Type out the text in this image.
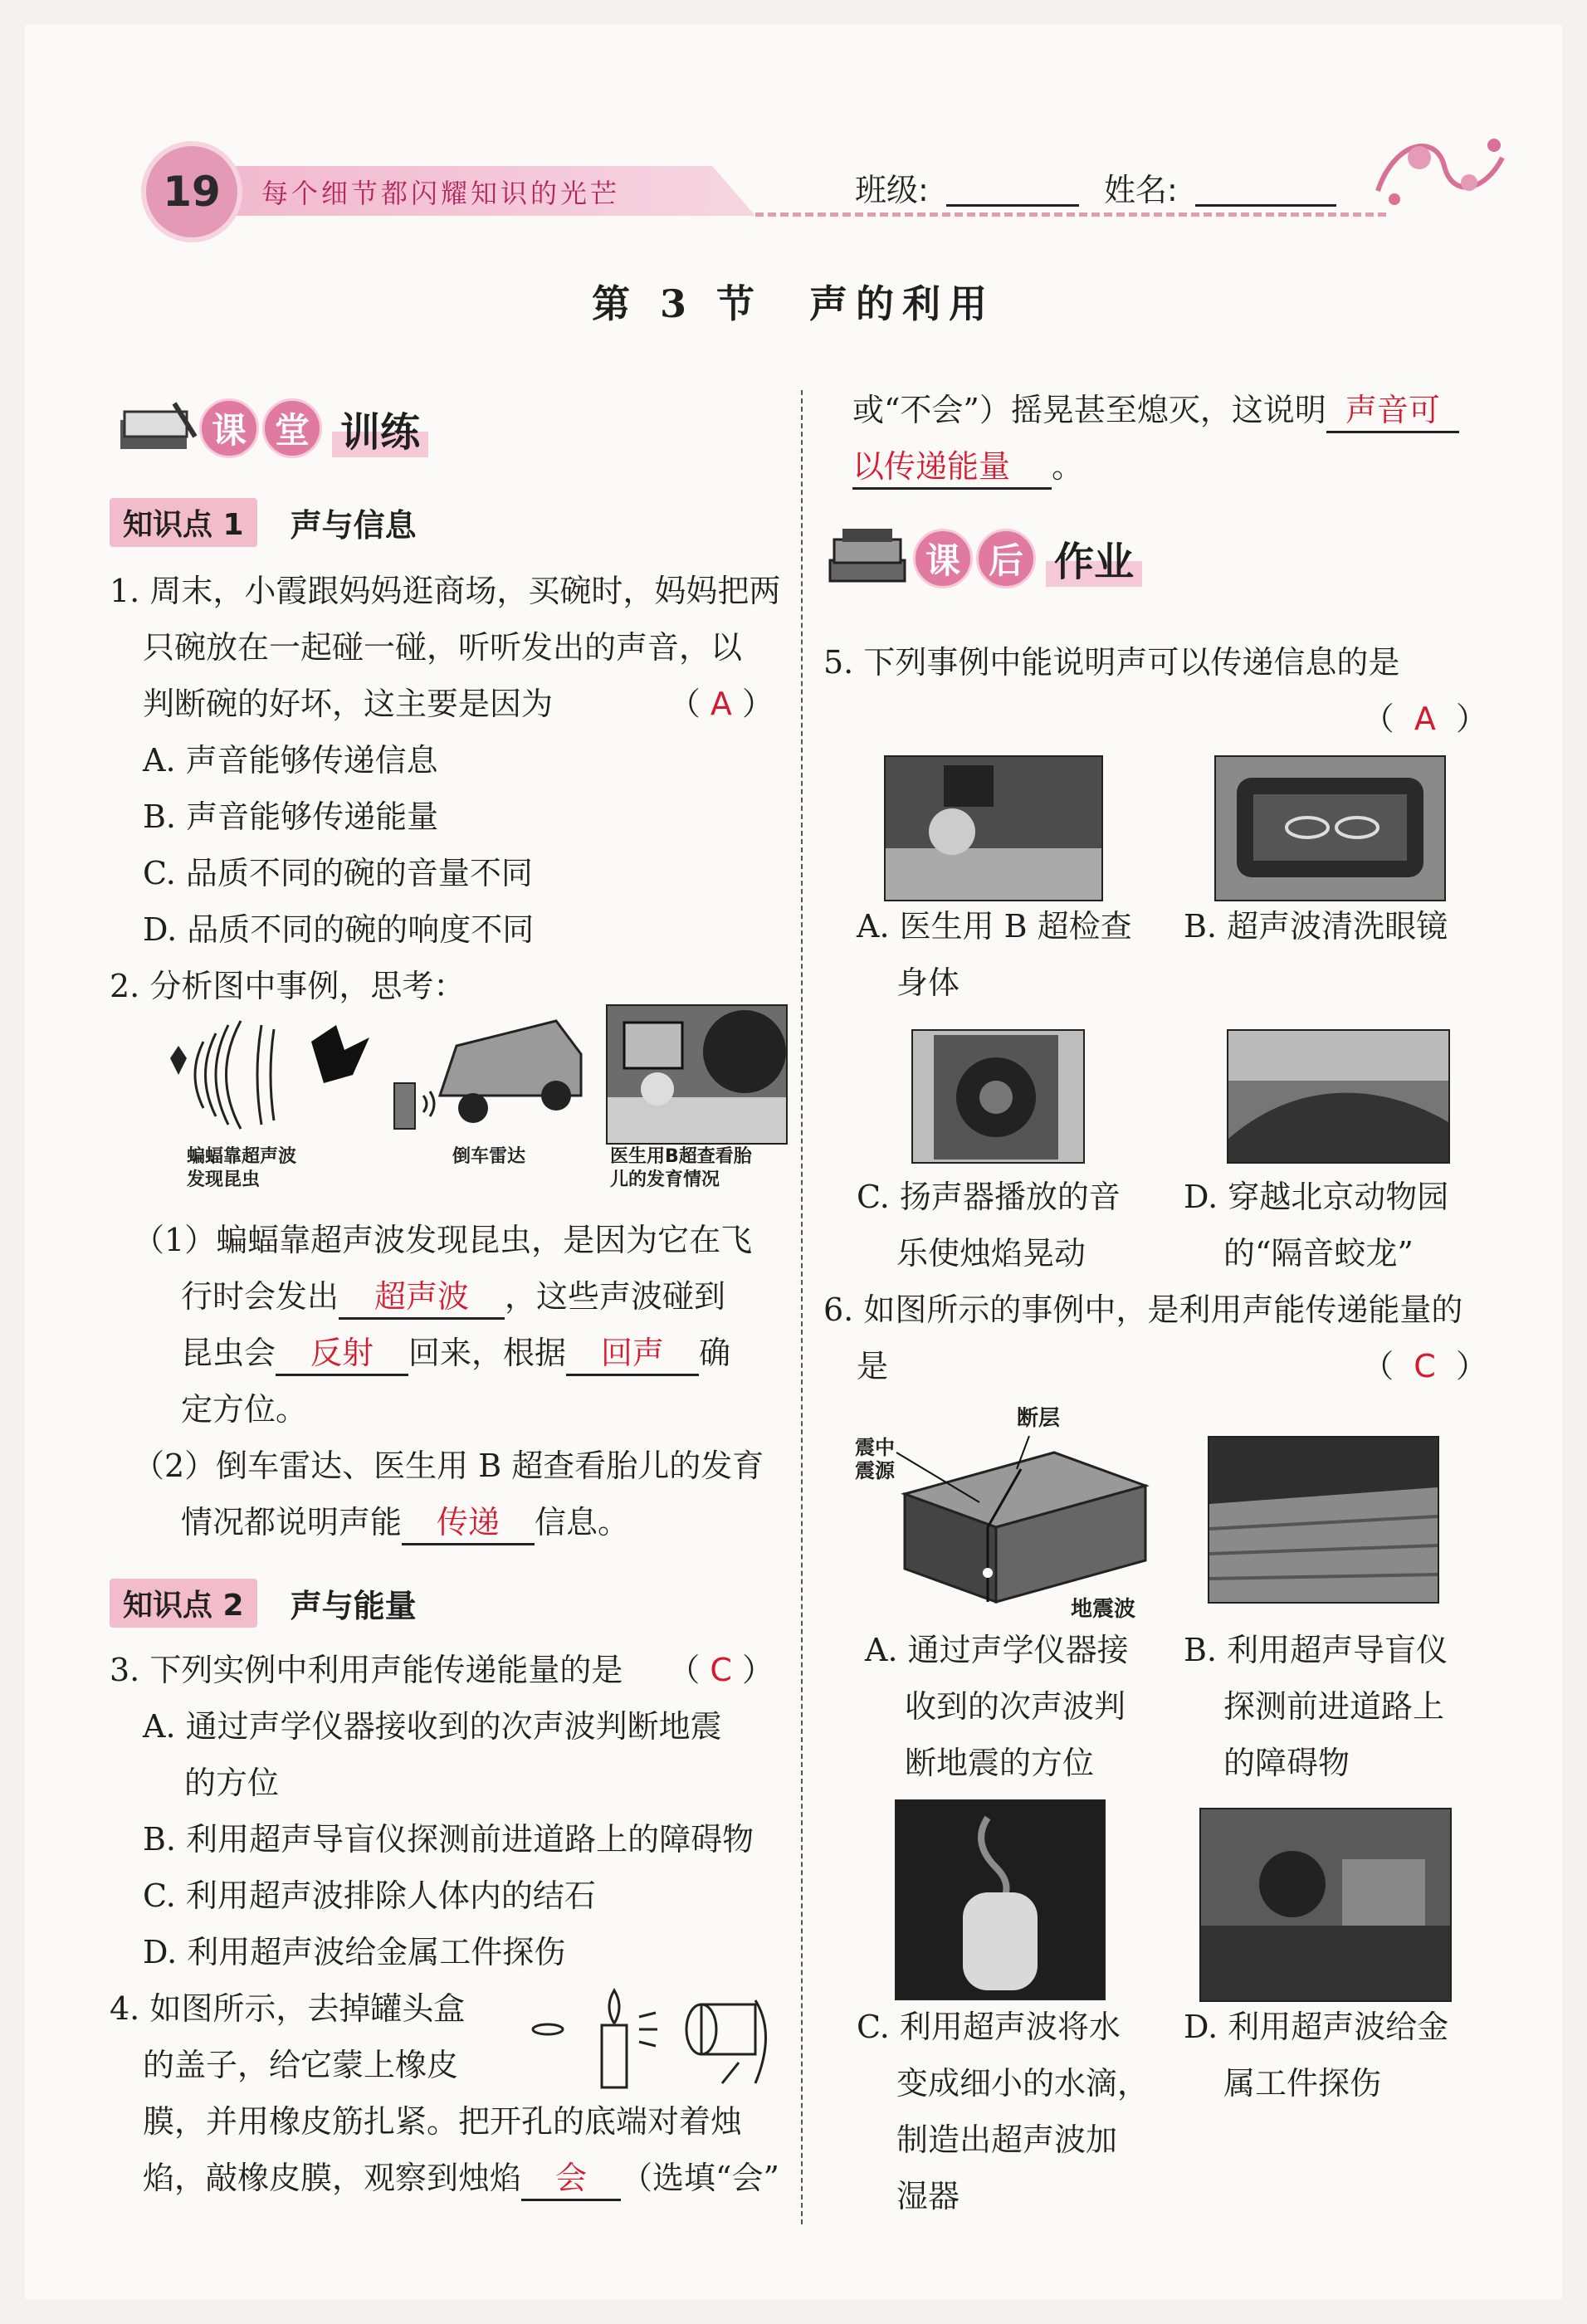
19	每个细节都闪耀知识的光芒	班级:	姓名:
第 3 节　声的利用
课 堂 训练
知识点 1	声与信息
1. 周末，小霞跟妈妈逛商场，买碗时，妈妈把两
只碗放在一起碰一碰，听听发出的声音，以
判断碗的好坏，这主要是因为	（ A ）
A. 声音能够传递信息
B. 声音能够传递能量
C. 品质不同的碗的音量不同
D. 品质不同的碗的响度不同
2. 分析图中事例，思考：
蝙蝠靠超声波
发现昆虫
倒车雷达	医生用B超查看胎
儿的发育情况
（1）蝙蝠靠超声波发现昆虫，是因为它在飞
行时会发出 超声波 ，这些声波碰到
昆虫会 反射 回来，根据 回声 确
定方位。
（2）倒车雷达、医生用 B 超查看胎儿的发育
情况都说明声能 传递 信息。
知识点 2	声与能量
3. 下列实例中利用声能传递能量的是 （ C ）
A. 通过声学仪器接收到的次声波判断地震
的方位
B. 利用超声导盲仪探测前进道路上的障碍物
C. 利用超声波排除人体内的结石
D. 利用超声波给金属工件探伤
4. 如图所示，去掉罐头盒
的盖子，给它蒙上橡皮
膜，并用橡皮筋扎紧。把开孔的底端对着烛
焰，敲橡皮膜，观察到烛焰 会 （选填“会”
或“不会”）摇晃甚至熄灭，这说明 声音可
以传递能量 。
课 后 作业
5. 下列事例中能说明声可以传递信息的是
（ A ）
A. 医生用 B 超检查
身体
B. 超声波清洗眼镜
C. 扬声器播放的音
乐使烛焰晃动
D. 穿越北京动物园
的“隔音蛟龙”
6. 如图所示的事例中，是利用声能传递能量的
是	（ C ）
断层
震中
震源
地震波
A. 通过声学仪器接
收到的次声波判
断地震的方位
B. 利用超声导盲仪
探测前进道路上
的障碍物
C. 利用超声波将水
变成细小的水滴，
制造出超声波加
湿器
D. 利用超声波给金
属工件探伤
